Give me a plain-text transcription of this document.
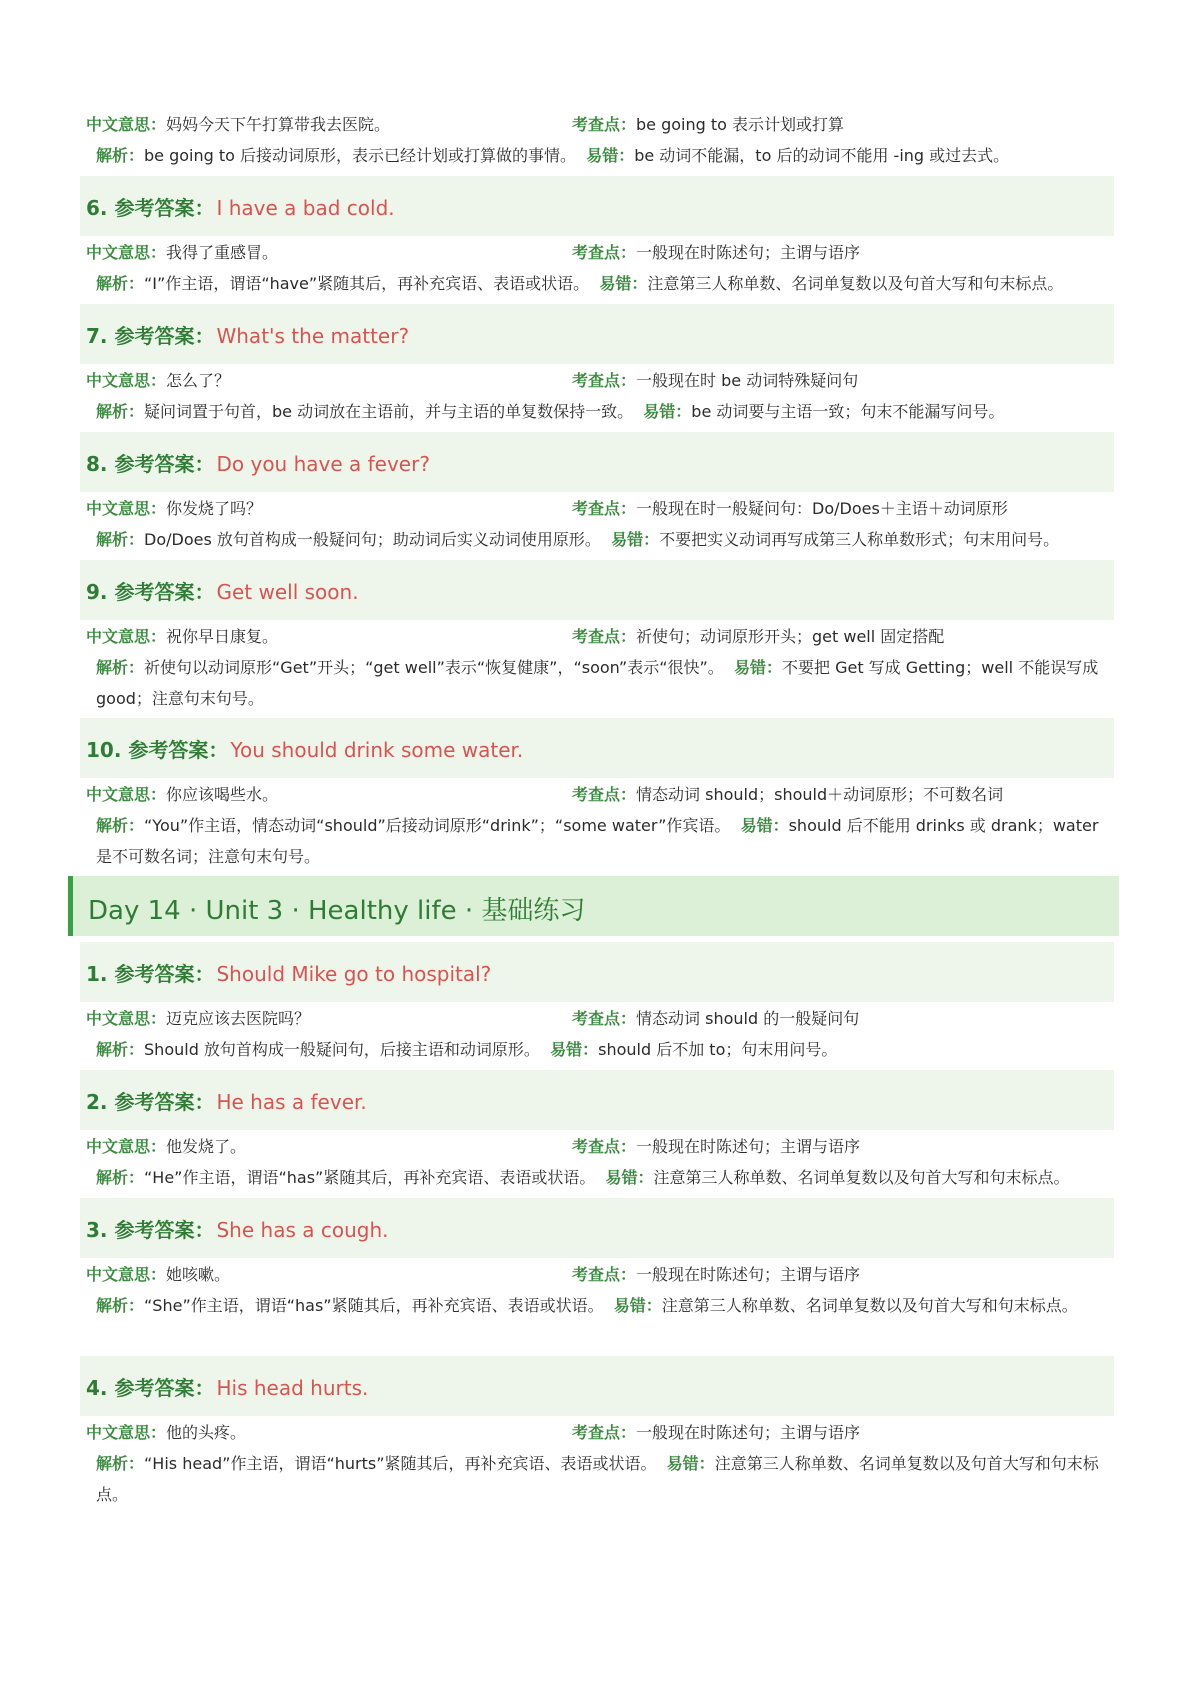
中文意思：妈妈今天下午打算带我去医院。	考查点：be going to 表示计划或打算
解析：be going to 后接动词原形，表示已经计划或打算做的事情。 易错：be 动词不能漏，to 后的动词不能用 -ing 或过去式。
6. 参考答案： I have a bad cold.
中文意思：我得了重感冒。	考查点：一般现在时陈述句；主谓与语序
解析：“I”作主语，谓语“have”紧随其后，再补充宾语、表语或状语。 易错：注意第三人称单数、名词单复数以及句首大写和句末标点。
7. 参考答案： What's the matter?
中文意思：怎么了？	考查点：一般现在时 be 动词特殊疑问句
解析：疑问词置于句首，be 动词放在主语前，并与主语的单复数保持一致。 易错：be 动词要与主语一致；句末不能漏写问号。
8. 参考答案： Do you have a fever?
中文意思：你发烧了吗？	考查点：一般现在时一般疑问句：Do/Does＋主语＋动词原形
解析：Do/Does 放句首构成一般疑问句；助动词后实义动词使用原形。 易错：不要把实义动词再写成第三人称单数形式；句末用问号。
9. 参考答案： Get well soon.
中文意思：祝你早日康复。	考查点：祈使句；动词原形开头；get well 固定搭配
解析：祈使句以动词原形“Get”开头；“get well”表示“恢复健康”，“soon”表示“很快”。 易错：不要把 Get 写成 Getting；well 不能误写成 good；注意句末句号。
10. 参考答案： You should drink some water.
中文意思：你应该喝些水。	考查点：情态动词 should；should＋动词原形；不可数名词
解析：“You”作主语，情态动词“should”后接动词原形“drink”；“some water”作宾语。 易错：should 后不能用 drinks 或 drank；water 是不可数名词；注意句末句号。
Day 14 · Unit 3 · Healthy life · 基础练习
1. 参考答案： Should Mike go to hospital?
中文意思：迈克应该去医院吗？	考查点：情态动词 should 的一般疑问句
解析：Should 放句首构成一般疑问句，后接主语和动词原形。 易错：should 后不加 to；句末用问号。
2. 参考答案： He has a fever.
中文意思：他发烧了。	考查点：一般现在时陈述句；主谓与语序
解析：“He”作主语，谓语“has”紧随其后，再补充宾语、表语或状语。 易错：注意第三人称单数、名词单复数以及句首大写和句末标点。
3. 参考答案： She has a cough.
中文意思：她咳嗽。	考查点：一般现在时陈述句；主谓与语序
解析：“She”作主语，谓语“has”紧随其后，再补充宾语、表语或状语。 易错：注意第三人称单数、名词单复数以及句首大写和句末标点。
4. 参考答案： His head hurts.
中文意思：他的头疼。	考查点：一般现在时陈述句；主谓与语序
解析：“His head”作主语，谓语“hurts”紧随其后，再补充宾语、表语或状语。 易错：注意第三人称单数、名词单复数以及句首大写和句末标点。
